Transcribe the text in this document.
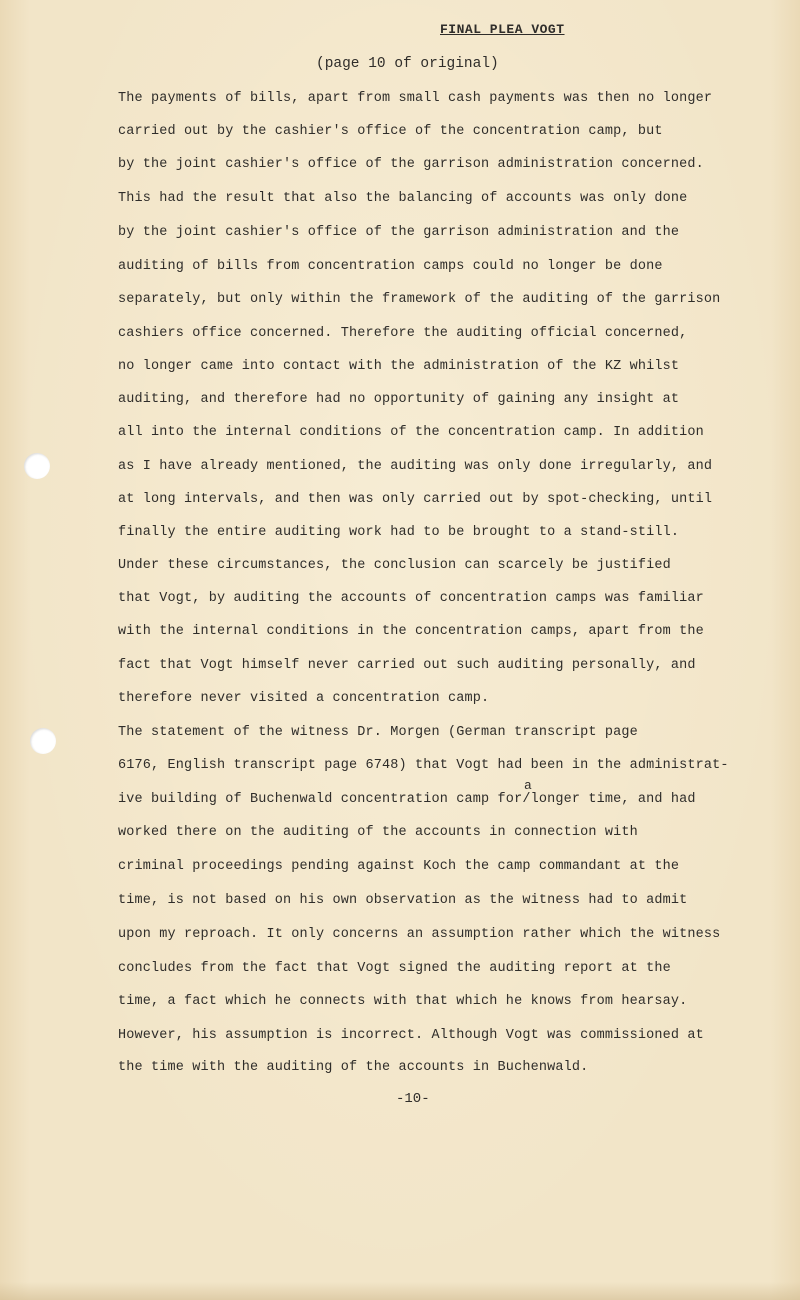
FINAL PLEA VOGT
(page 10 of original)
The payments of bills, apart from small cash payments was then no longer
carried out by the cashier's office of the concentration camp, but
by the joint cashier's office of the garrison administration concerned.
This had the result that also the balancing of accounts was only done
by the joint cashier's office of the garrison administration and the
auditing of bills from concentration camps could no longer be done
separately, but only within the framework of the auditing of the garrison
cashiers office concerned. Therefore the auditing official concerned,
no longer came into contact with the administration of the KZ whilst
auditing, and therefore had no opportunity of gaining any insight at
all into the internal conditions of the concentration camp. In addition
as I have already mentioned, the auditing was only done irregularly, and
at long intervals, and then was only carried out by spot-checking, until
finally the entire auditing work had to be brought to a stand-still.
Under these circumstances, the conclusion can scarcely be justified
that Vogt, by auditing the accounts of concentration camps was familiar
with the internal conditions in the concentration camps, apart from the
fact that Vogt himself never carried out such auditing personally, and
therefore never visited a concentration camp.
The statement of the witness Dr. Morgen (German transcript page
6176, English transcript page 6748) that Vogt had been in the administrat-
ive building of Buchenwald concentration camp for/longer time, and had
worked there on the auditing of the accounts in connection with
criminal proceedings pending against Koch the camp commandant at the
time, is not based on his own observation as the witness had to admit
upon my reproach. It only concerns an assumption rather which the witness
concludes from the fact that Vogt signed the auditing report at the
time, a fact which he connects with that which he knows from hearsay.
However, his assumption is incorrect. Although Vogt was commissioned at
the time with the auditing of the accounts in Buchenwald.
a
-10-
